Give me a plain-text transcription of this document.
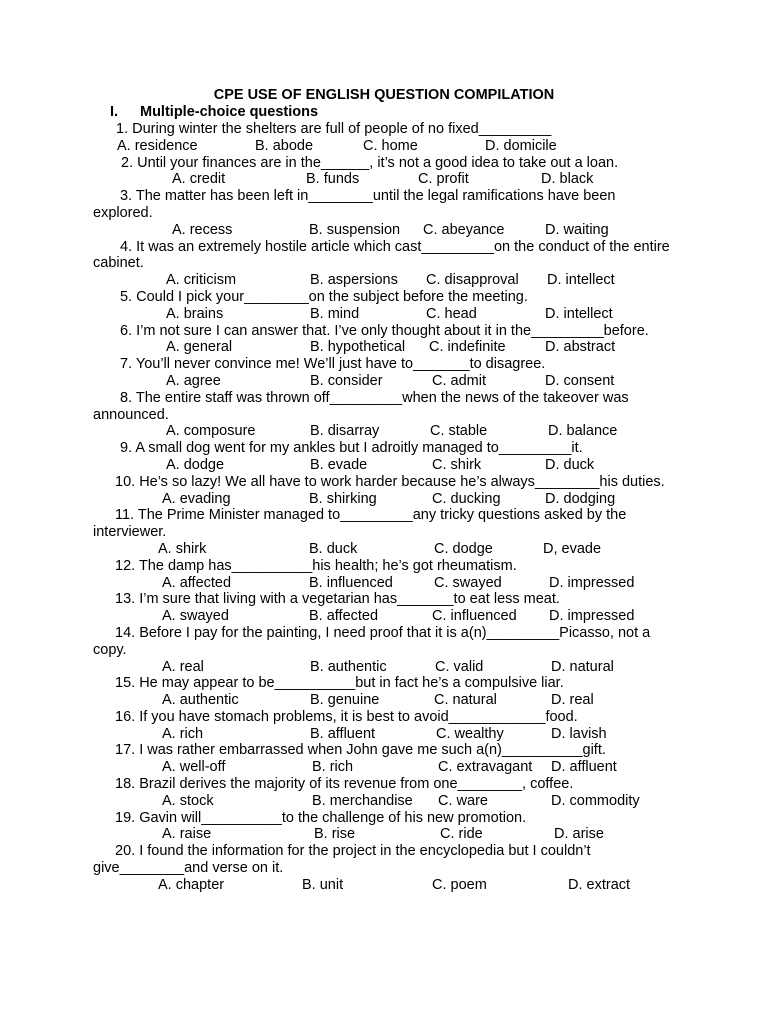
CPE USE OF ENGLISH QUESTION COMPILATION
I. Multiple-choice questions
1. During winter the shelters are full of people of no fixed_________
A. residence	B. abode	C. home	D. domicile
2. Until your finances are in the______, it’s not a good idea to take out a loan.
A. credit	B. funds	C. profit	D. black
3. The matter has been left in________until the legal ramifications have been explored.
A. recess	B. suspension C. abeyance	D. waiting
4. It was an extremely hostile article which cast_________on the conduct of the entire cabinet.
A. criticism	B. aspersions C. disapproval D. intellect
5. Could I pick your________on the subject before the meeting.
A. brains	B. mind	C. head	D. intellect
6. I’m not sure I can answer that. I’ve only thought about it in the_________before.
A. general	B. hypothetical C. indefinite	D. abstract
7. You’ll never convince me! We’ll just have to_______to disagree.
A. agree	B. consider	C. admit	D. consent
8. The entire staff was thrown off_________when the news of the takeover was announced.
A. composure	B. disarray	C. stable	D. balance
9. A small dog went for my ankles but I adroitly managed to_________it.
A. dodge	B. evade	C. shirk	D. duck
10. He’s so lazy! We all have to work harder because he’s always________his duties.
A. evading	B. shirking	C. ducking	D. dodging
11. The Prime Minister managed to_________any tricky questions asked by the interviewer.
A. shirk	B. duck	C. dodge	D, evade
12. The damp has__________his health; he’s got rheumatism.
A. affected	B. influenced	C. swayed	D. impressed
13. I’m sure that living with a vegetarian has_______to eat less meat.
A. swayed	B. affected	C. influenced D. impressed
14. Before I pay for the painting, I need proof that it is a(n)_________Picasso, not a copy.
A. real	B. authentic	C. valid	D. natural
15. He may appear to be__________but in fact he’s a compulsive liar.
A. authentic	B. genuine	C. natural	D. real
16. If you have stomach problems, it is best to avoid____________food.
A. rich	B. affluent	C. wealthy	D. lavish
17. I was rather embarrassed when John gave me such a(n)__________gift.
A. well-off	B. rich	C. extravagant D. affluent
18. Brazil derives the majority of its revenue from one________, coffee.
A. stock	B. merchandise C. ware	D. commodity
19. Gavin will__________to the challenge of his new promotion.
A. raise	B. rise	C. ride	D. arise
20. I found the information for the project in the encyclopedia but I couldn’t give________and verse on it.
A. chapter	B. unit	C. poem	D. extract
